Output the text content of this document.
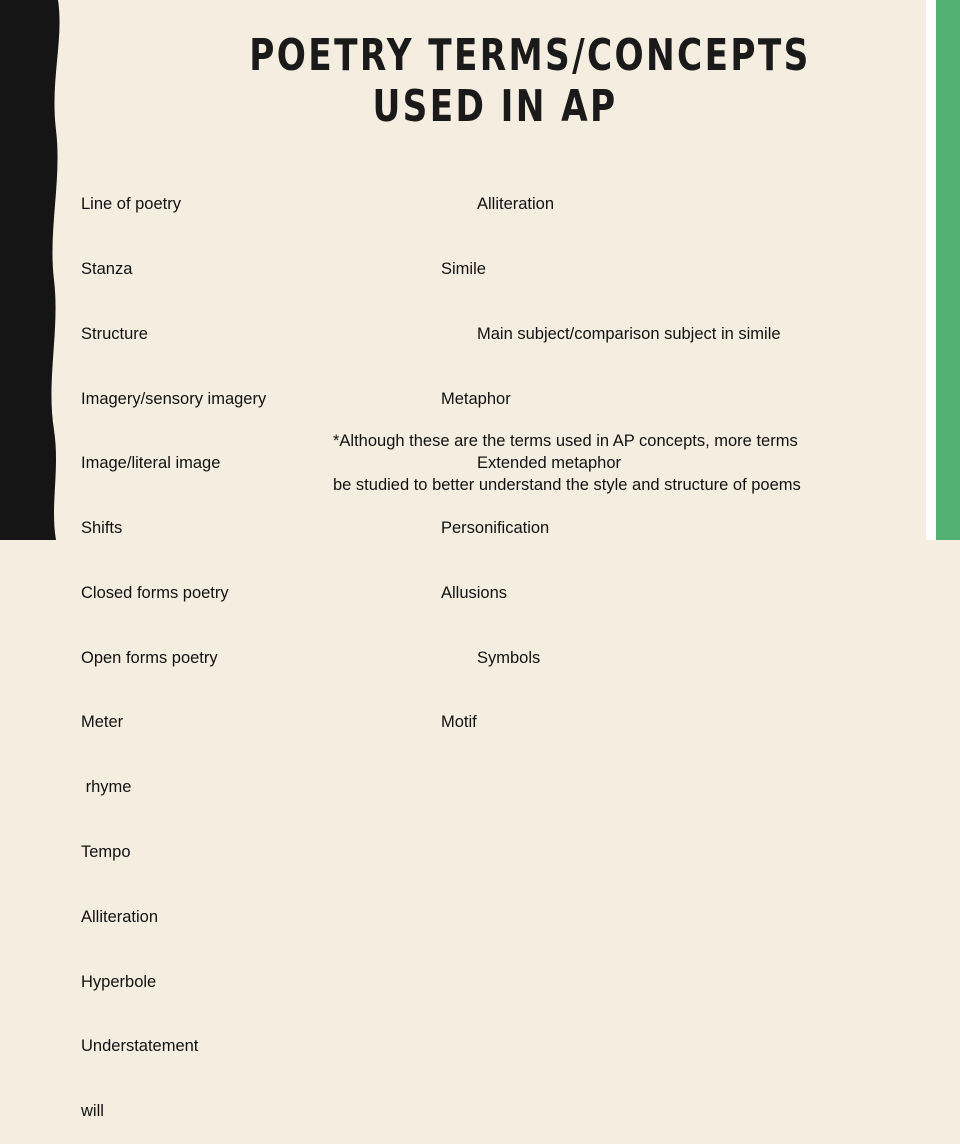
POETRY TERMS/CONCEPTS
USED IN AP

Line of poetry

Stanza

Structure

Imagery/sensory imagery

Image/literal image

Shifts

Closed forms poetry

Open forms poetry

Meter

rhyme

Tempo

Alliteration

Hyperbole

Understatement

will

Alliteration

Simile

Main subject/comparison subject in simile

Metaphor

Extended metaphor

Personification

Allusions

Symbols

Motif

*Although these are the terms used in AP concepts, more terms
be studied to better understand the style and structure of poems
